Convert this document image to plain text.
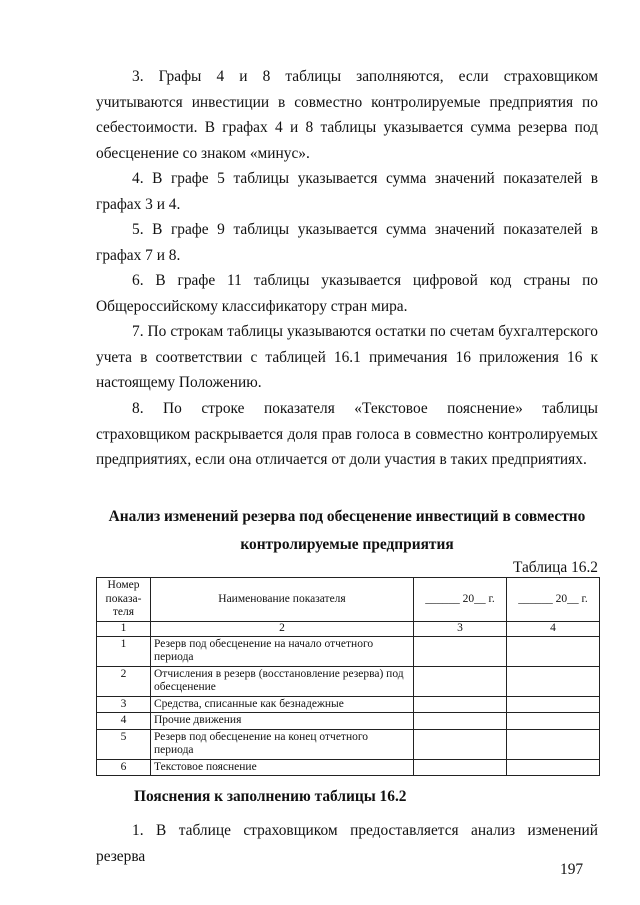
3. Графы 4 и 8 таблицы заполняются, если страховщиком учитываются инвестиции в совместно контролируемые предприятия по себестоимости. В графах 4 и 8 таблицы указывается сумма резерва под обесценение со знаком «минус».

4. В графе 5 таблицы указывается сумма значений показателей в графах 3 и 4.

5. В графе 9 таблицы указывается сумма значений показателей в графах 7 и 8.

6. В графе 11 таблицы указывается цифровой код страны по Общероссийскому классификатору стран мира.

7. По строкам таблицы указываются остатки по счетам бухгалтерского учета в соответствии с таблицей 16.1 примечания 16 приложения 16 к настоящему Положению.

8. По строке показателя «Текстовое пояснение» таблицы страховщиком раскрывается доля прав голоса в совместно контролируемых предприятиях, если она отличается от доли участия в таких предприятиях.

Анализ изменений резерва под обесценение инвестиций в совместно

контролируемые предприятия

Таблица 16.2

Номер показа-теля	Наименование показателя	______ 20__ г.	______ 20__ г.
1	2	3	4
1	Резерв под обесценение на начало отчетного периода		
2	Отчисления в резерв (восстановление резерва) под обесценение		
3	Средства, списанные как безнадежные		
4	Прочие движения		
5	Резерв под обесценение на конец отчетного периода		
6	Текстовое пояснение		

Пояснения к заполнению таблицы 16.2

1. В таблице страховщиком предоставляется анализ изменений резерва

197
